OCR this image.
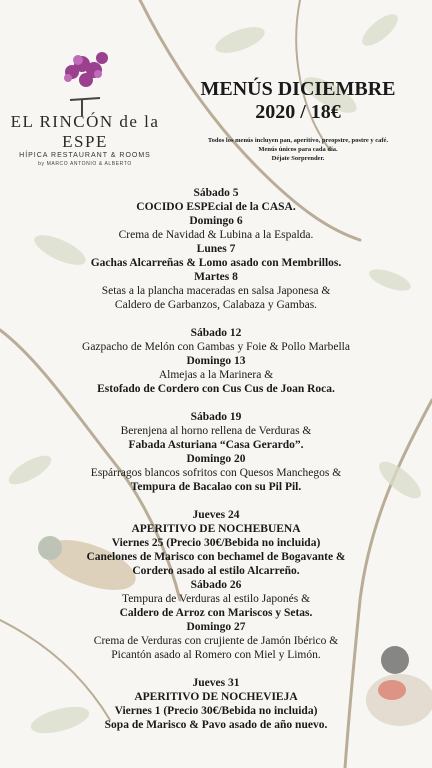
EL RINCÓN de la ESPE
HÍPICA RESTAURANT & ROOMS
by MARCO ANTONIO & ALBERTO
MENÚS DICIEMBRE
2020 / 18€
Todos los menús incluyen pan, aperitivo, preopstre, postre y café.
Menús únicos para cada día.
Déjate Sorprender.
Sábado 5
COCIDO ESPEcial de la CASA.
Domingo 6
Crema de Navidad & Lubina a la Espalda.
Lunes 7
Gachas Alcarreñas & Lomo asado con Membrillos.
Martes 8
Setas a la plancha maceradas en salsa Japonesa &
Caldero de Garbanzos, Calabaza y Gambas.
Sábado 12
Gazpacho de Melón con Gambas y Foie & Pollo Marbella
Domingo 13
Almejas a la Marinera &
Estofado de Cordero con Cus Cus de Joan Roca.
Sábado 19
Berenjena al horno rellena de Verduras &
Fabada Asturiana “Casa Gerardo”.
Domingo 20
Espárragos blancos sofritos con Quesos Manchegos &
Tempura de Bacalao con su Pil Pil.
Jueves 24
APERITIVO DE NOCHEBUENA
Viernes 25 (Precio 30€/Bebida no incluida)
Canelones de Marisco con bechamel de Bogavante &
Cordero asado al estilo Alcarreño.
Sábado 26
Tempura de Verduras al estilo Japonés &
Caldero de Arroz con Mariscos y Setas.
Domingo 27
Crema de Verduras con crujiente de Jamón Ibérico &
Picantón asado al Romero con Miel y Limón.
Jueves 31
APERITIVO DE NOCHEVIEJA
Viernes 1 (Precio 30€/Bebida no incluida)
Sopa de Marisco & Pavo asado de año nuevo.
